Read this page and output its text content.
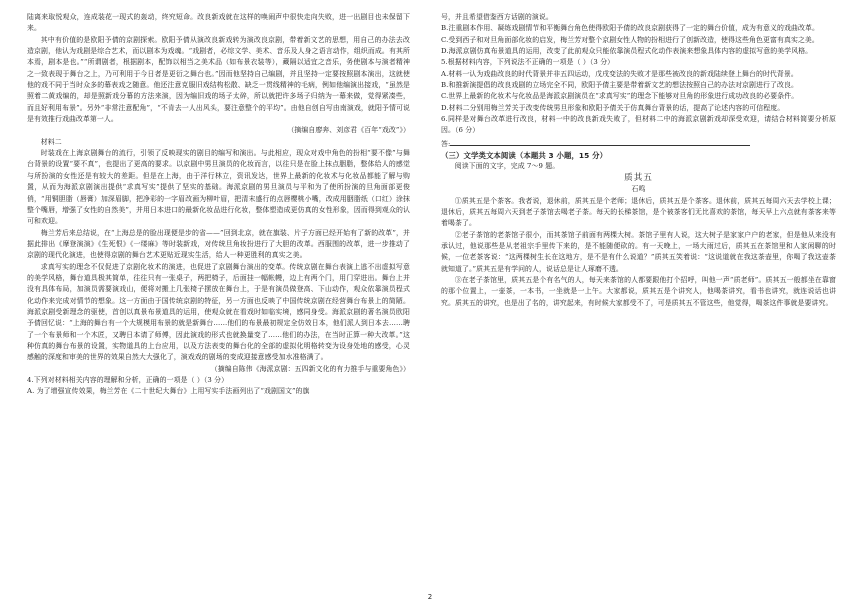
陆离来取悦观众，连成装花一现式的轰动，终究短命。改良新戏就在这样的唤闹声中很快走向失败，进一出剧目也未保留下来。

其中有价值的是欧阳予倩的京剧探索。欧阳予倩从演改良新戏转为演改良京剧，带着新文艺的思想，用自己的办法去改造京剧，他认为戏剧是综合艺术，而以剧本为戏魂。“戏剧者，必综文学、美术、音乐及人身之语言动作，组织而成。有其所本焉，剧本是也。”“所谓剧者，根据剧本，配饰以相当之美术品（如布景衣装等），藏隔以适宜之音乐，务使剧本与演者精神之一致表现于舞台之上，乃可利用于今日者是更衍之舞台也。”因而他坚持自己编剧，并且坚持一定要按照剧本演出，这就使他的戏不同于当时众多的幕表戏之随意。他还注意克服旧戏结构松散、缺乏一贯线精神的毛病，例如他编演出接戏，“虽然是照着二黄戏编的，却是照新戏分幕的方法来演，因为编旧戏的场子太碎，所以就把许多场子归纳为一幕来做，觉得紧凑些，而且好利用布景”。另外“非常注意配角”，“不肯去一人出风头，要注意整个的平均”。由他自创自写由南演戏，就阳予情可说是有效推行戏曲改革第一人。

（摘编自廖奔、刘彦君《百年“戏改”》）

材料二

时装戏在上海京剧舞台的流行，引领了反映现实的剧目的编写和演出。与此相应，现众对戏中角色的扮相“要不像”与舞台背景的设置“要不真”，也提出了更高的要求。以京剧中男旦演员的化妆而言，以往只是在脸上抹点胭脂，整体给人的感觉与所扮演的女性还是有较大的差距。但是在上海，由于洋行林立，资讯发达，世界上最新的化妆术与化妆品都能了解与购置，从而为海派京剧演出提供“求真写实”提供了坚实的基础。海派京剧的男旦演员与平和为了使所扮演的旦角面部更俊俏，“用铜胆脂（唇膏）加深眉脚，把净彩的一字眉改画为柳叶眉，把清末盛行的点唇樱桃小嘴，改成用胭脂纸（口红）涂抹整个嘴唇，增强了女性的自然美”，并用日本进口的最新化妆品进行化妆，整体塑造成更仿真的女性形象，因而得到观众的认可和欢迎。

梅兰芳后来总结说，在“上海总是的脸出现便是步的省——”回到北京，就在旗装、片子方面已经开始有了新的改革”，并据此排出《摩登演演》《生死恨》《一缕麻》等时装新戏，对传统旦角妆扮进行了大胆的改革。西服围的改革，进一步推动了京剧的现代化演进，也使得京剧的舞台艺术更贴近现实生活，给人一种更胜利的真实之美。

求真写实的理念不仅促进了京剧化妆术的演进，也促进了京剧舞台演出的变革。传统京剧在舞台表演上逃不出虚拟写意的美学风格，舞台道具极其简单，往往只有一张桌子，两把椅子，后面挂一幅帐幔，边上有两个门，用门穿进出。舞台上并没有具体布局，加演员需要演戏山，便将对搬上几张椅子摆放在舞台上，于是有演员做登高、下山动作，观众依靠演员程式化动作来完成对情节的想象。这一方面由于国传统京剧的特征，另一方面也反映了中国传统京剧在经营舞台布景上的简陋。海派京剧受新理念的驱使，首创以真景布景道具的运用，使观众就在看戏时如临实境，感同身受。海派京剧的著名演员欧阳予倩回忆说：“上海的舞台有一个大规模用布景的就是新舞台……他们的布景最初规定全仿效日本，他们派人到日本去……聘了一个布景师和一个木匠，又聘日本请了师傅，因此演戏的形式也就换量变了……他们的办法，在当时正算一种大改革。”这种仿真的舞台布景的设置，实物道具的上台应用，以及方法表变的舞台化的全部的虚拟化明格转变为设身处地的感受，心灵感触的深度和审美的世界的效果自然大大强化了，演戏戏的剧场的变成迎接意感受加水准格满了。

（摘编自陈伟《海派京剧：五四新文化的有力推手与重要角色》）

4.下列对材料相关内容的理解和分析，正确的一项是（ ）（3 分）

A. 为了增强宣传效果，梅兰芳在《二十世纪大舞台》上用写实手法画列出了“戏剧国文”的旗

号，并且希望借鉴西方话剧的演说。

B.注重剧本作用、凝练戏剧情节和平衡舞台角色使得欧阳予倩的改良京剧获得了一定的舞台价值，成为有意义的戏曲改革。

C.受到西子和对旦角面部化妆的启发，梅兰芳对整个京剧女性人物的扮相进行了创新改造，使得这些角色更富有真实之美。

D.海派京剧仿真布景道具的运用，改变了此前观众只能依靠演员程式化动作表演来想象具体内容的虚拟写意的美学风格。

5.根据材料内容，下列说法不正确的一项是（ ）（3 分）

A.材料一认为戏曲改良的时代背景并非五四运动，戊戌变法的失败才是那些被改良的新戏陆续登上舞台的时代背景。

B.和推新演提倡的改良戏剧的立场完全不同，欧阳予倩主要是带着新文艺的想法按照自己的办法对京剧进行了改良。

C.世界上最新的化妆术与化妆品是海派京剧演员在“求真写实”的理念下能够对旦角的形象进行成功改良的必要条件。

D.材料二分别用梅兰芳关于改变传统男旦形象和欧阳予倩关于仿真舞台背景的话，提高了论述内容的可信程度。

6.同样是对舞台改革进行改良，材料一中的改良新戏失败了，但材料二中的海派京剧新戏却深受欢迎，请结合材料简要分析原因。（6 分）

答:

（三）文学类文本阅读（本题共 3 小题，15 分）

阅读下面的文字，完成 7～9 题。

质其五

石鸣

①质其五是个茶客。我者说，退休前，质其五是个老师；退休后，质其五是个茶客。退休前，质其五每周六天去学校上课；退休后，质其五每周六天到老子茶馆去喝老子茶。每天的长梯茶馆，是个被茶客们无比喜欢的茶馆，每天早上六点就有茶客来等着喝茶了。

②老子茶馆的老茶馆子很小，而其茶馆子前面有两棵大树。茶馆子里有人说，这大树子是家家户户的老家，但是他从来没有承认过，他说那些是从老祖宗手里传下来的，是不能随便砍的。有一天晚上，一场大雨过后，质其五在茶馆里和人家闲聊的时候，一位老茶客说：“这两棵树生长在这地方，是不是有什么说道？”质其五笑着说：“这说道就在我这茶壶里，你喝了我这壶茶就知道了。”质其五是有学问的人，说话总是让人琢磨不透。

③在老子茶馆里，质其五是个有名气的人，每天来茶馆的人都要跟他打个招呼，叫他一声“质老师”。质其五一般都坐在靠窗的那个位置上，一壶茶，一本书，一坐就是一上午。大家都说，质其五是个讲究人，他喝茶讲究，看书也讲究，就连说话也讲究。质其五的讲究，也是出了名的，讲究起来，有时候大家都受不了，可是质其五不管这些，他觉得，喝茶这件事就是要讲究。

2
